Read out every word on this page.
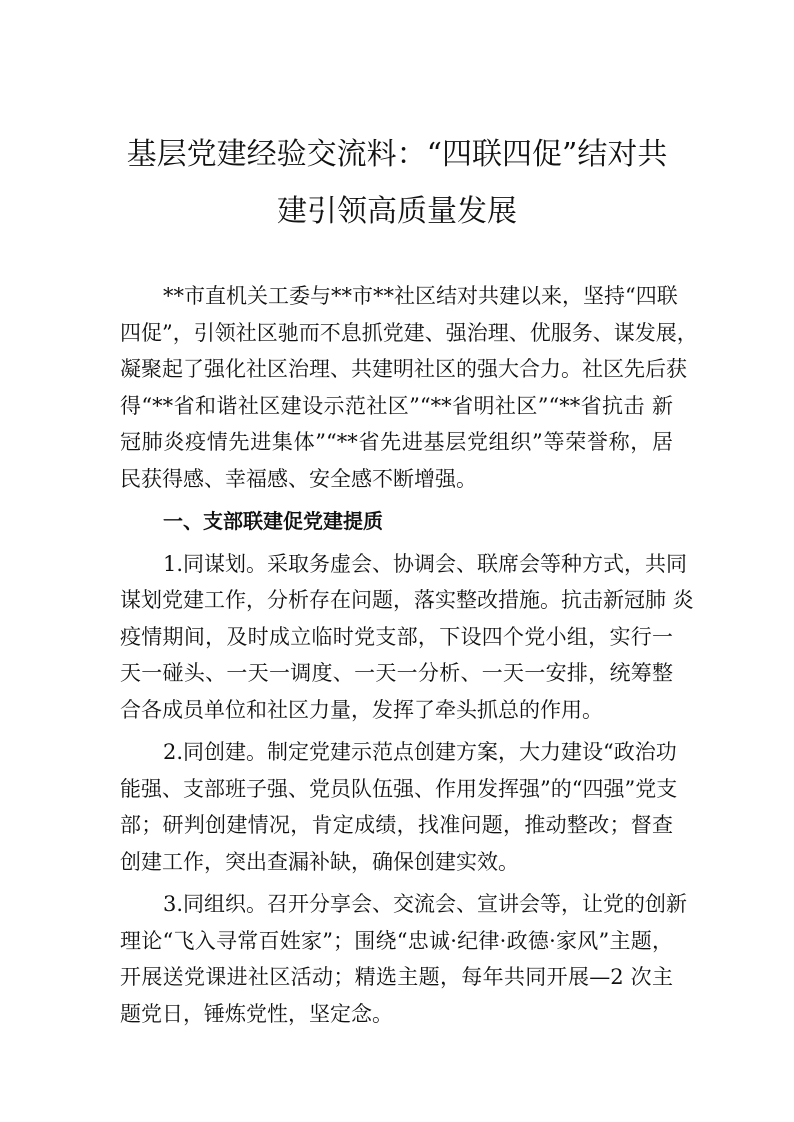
基层党建经验交流料：“四联四促”结对共
建引领高质量发展
**市直机关工委与**市**社区结对共建以来，坚持“四联
四促”，引领社区驰而不息抓党建、强治理、优服务、谋发展，
凝聚起了强化社区治理、共建明社区的强大合力。社区先后获
得“**省和谐社区建设示范社区”“**省明社区”“**省抗击 新
冠肺炎疫情先进集体”“**省先进基层党组织”等荣誉称，居
民获得感、幸福感、安全感不断增强。
一、支部联建促党建提质
1.同谋划。采取务虚会、协调会、联席会等种方式，共同
谋划党建工作，分析存在问题，落实整改措施。抗击新冠肺 炎
疫情期间，及时成立临时党支部，下设四个党小组，实行一
天一碰头、一天一调度、一天一分析、一天一安排，统筹整
合各成员单位和社区力量，发挥了牵头抓总的作用。
2.同创建。制定党建示范点创建方案，大力建设“政治功
能强、支部班子强、党员队伍强、作用发挥强”的“四强”党支
部；研判创建情况，肯定成绩，找准问题，推动整改；督查
创建工作，突出查漏补缺，确保创建实效。
3.同组织。召开分享会、交流会、宣讲会等，让党的创新
理论“飞入寻常百姓家”；围绕“忠诚·纪律·政德·家风”主题，
开展送党课进社区活动；精选主题，每年共同开展—2 次主
题党日，锤炼党性，坚定念。
